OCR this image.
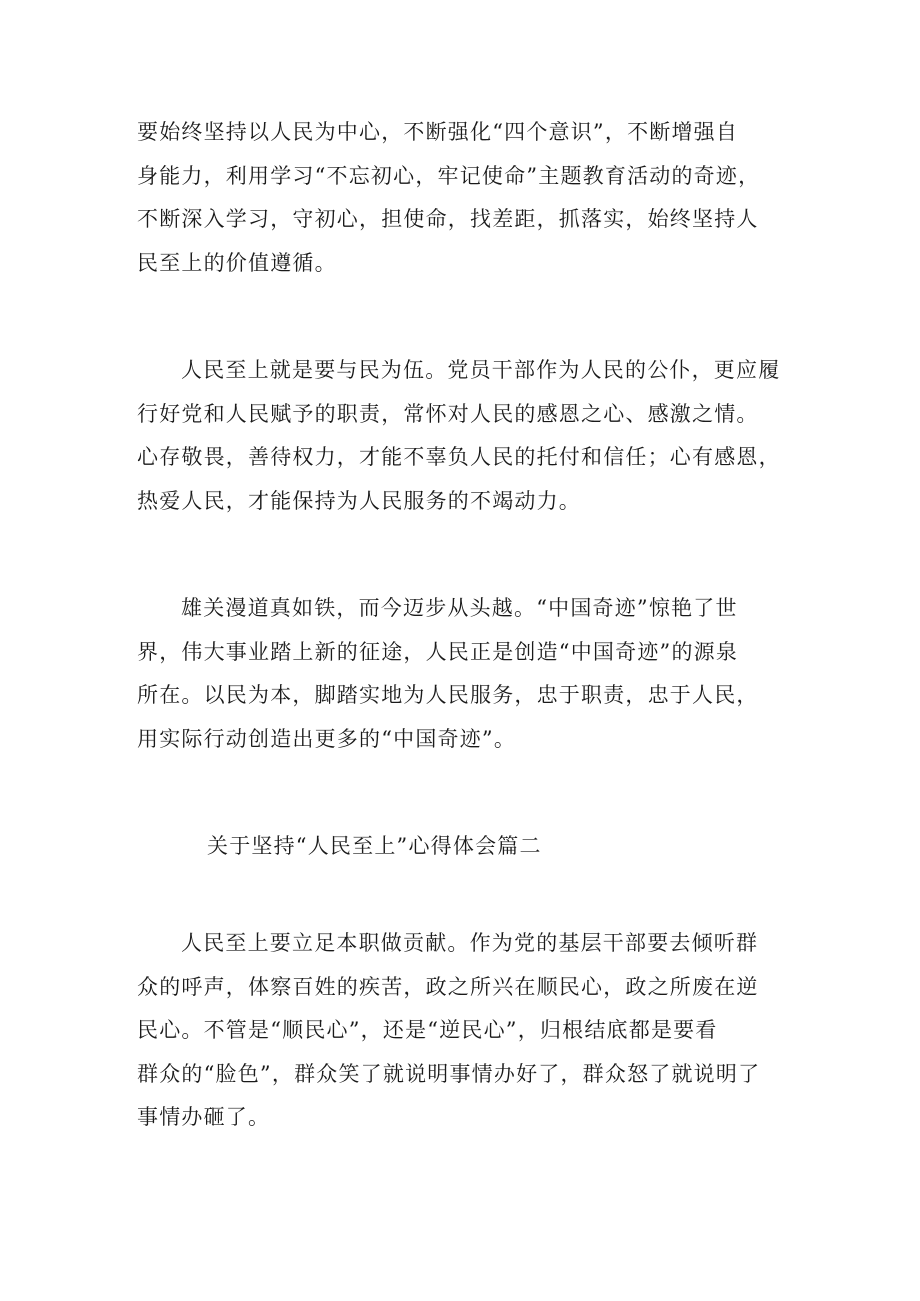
要始终坚持以人民为中心，不断强化“四个意识”，不断增强自
身能力，利用学习“不忘初心，牢记使命”主题教育活动的奇迹，
不断深入学习，守初心，担使命，找差距，抓落实，始终坚持人
民至上的价值遵循。

人民至上就是要与民为伍。党员干部作为人民的公仆，更应履
行好党和人民赋予的职责，常怀对人民的感恩之心、感激之情。
心存敬畏，善待权力，才能不辜负人民的托付和信任；心有感恩，
热爱人民，才能保持为人民服务的不竭动力。

雄关漫道真如铁，而今迈步从头越。“中国奇迹”惊艳了世
界，伟大事业踏上新的征途，人民正是创造“中国奇迹”的源泉
所在。以民为本，脚踏实地为人民服务，忠于职责，忠于人民，
用实际行动创造出更多的“中国奇迹”。

关于坚持“人民至上”心得体会篇二

人民至上要立足本职做贡献。作为党的基层干部要去倾听群
众的呼声，体察百姓的疾苦，政之所兴在顺民心，政之所废在逆
民心。不管是“顺民心”，还是“逆民心”，归根结底都是要看
群众的“脸色”，群众笑了就说明事情办好了，群众怒了就说明了
事情办砸了。
